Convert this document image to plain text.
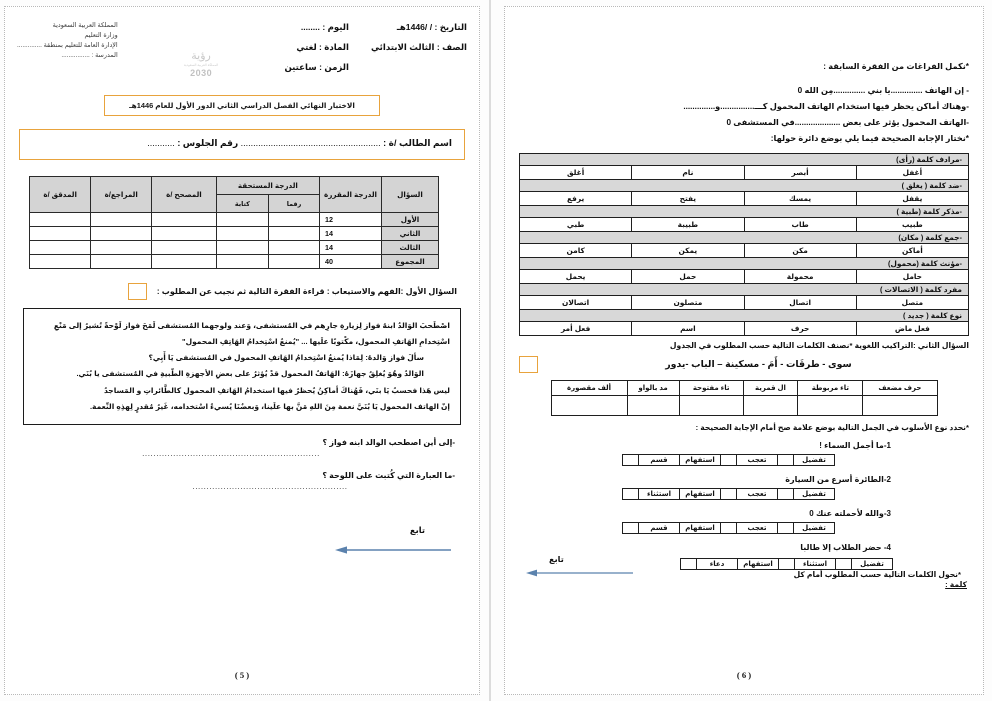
المملكة العربية السعودية
وزارة التعليم
الإدارة العامة للتعليم بمنطقة ..............
المدرسة : ................	رؤية
المملكة العربية السعودية
2030
التاريخ : / /1446هـ
اليوم : ........
الصف : الثالث الابتدائي
المادة : لغتي
الزمن : ساعتين
الاختبار النهائي الفصل الدراسي الثاني الدور الأول للعام 1446هـ
اسم الطالب /ة : ........................................................ رقم الجلوس : ...........
السؤال	الدرجة المقررة	الدرجة المستحقة		المصحح /ة	المراجع/ة	المدقق /ة
		رقما	كتابة			
الأول	12					
الثاني	14					
الثالث	14					
المجموع	40					
السؤال الأول :الفهم والاستيعاب : قراءة الفقرة التالية ثم نجيب عن المطلوب :

اصْطَحبَ الوَالدُ ابنهُ فواز لِزيارةِ جارِهم في المُستشفى، وَعند ولوجهما المُستشفى لَمَحَ فواز لَوْحةً تُشيرُ إلى مَنْعِ

اسْتِخدامِ الهَاتفِ المحمول، مكْتوبًا علَيها ... "يُمنعُ اسْتِخدامُ الهَاتِفِ المحمول"

سألَ فواز وَالدهُ: لِمَاذا يُمنعُ اسْتِخدامُ الهَاتفِ المحمول في المُستشفى يَا أَبِي؟

الوَالدُ وهُوَ يُغلِقُ جهازَهُ: الهَاتفُ المحمول قدْ يُؤثرُ على بعضِ الأجهزةِ الطّبيةِ في المُستشفى يا بُنَي.

ليس هَذا فحسبُ يَا بنَي، فَهُناكَ أماكِنُ يُحظرُ فيها استخدامُ الهَاتفِ المحمول كالطَّائراتِ و المَساجدُ

إنّ الهاتف المحمول يَا بُنَيَّ نعمة مِنَ اللهِ مَنَّ بها علَينا، وَبعضُنَا يُسيءُ اسْتخدامه، غَيرُ مُقدرٍ لِهذِهِ النِّعمة.

-إلى أين اصطحب الوالد ابنه فواز ؟
...............................................................
-ما العبارة التي كُتبت على اللوحة ؟
.......................................................
تابع
( 5 )
*نكمل الفراغات من الفقرة السابقة :
- إن الهاتف ..............يا بني ..............مِن الله 0
-وهناك أماكن يحظر فيها استخدام الهاتف المحمول كـــ...............و..............
-الهاتف المحمول يؤثر على بعض ....................في المستشفى 0
*نختار الإجابة الصحيحة فيما يلي بوضع دائرة حولها:
-مرادف كلمة (رأى)			
أغفل	أبصر	نام	أغلق
-ضد كلمة ( يغلق )			
يقفل	يمسك	يفتح	يرفع
-مذكر كلمة (طبية )			
طبيب	طاب	طبيبة	طبي
-جمع كلمة ( مكان)			
أماكن	مكن	يمكن	كامن
-مؤنث كلمة (محمول)			
حامل	محمولة	حمل	يحمل
مفرد كلمة ( الاتصالات )			
متصل	اتصال	متصلون	اتصالان
نوع كلمة ( جديد )			
فعل ماض	حرف	اسم	فعل أمر
السؤال الثاني :التراكيب اللغوية *نصنف الكلمات التالية حسب المطلوب في الجدول
سوى - طرقَات - أَمَ - مسكينة – الباب -يدور
حرف مضعف	تاء مربوطة	ال قمرية	تاء مفتوحة	مد بالواو	ألف مقصورة

*نحدد نوع الأسلوب في الجمل التالية بوضع علامة صح أمام الإجابة الصحيحة :
1-ما أجمل السماء !
تفضيل
تعجب
استفهام
قسم
2-الطائرة أسرع من السيارة
تفضيل
تعجب
استفهام
استثناء
3-والله لأحملته عنك 0
تفضيل
تعجب
استفهام
قسم
4- حضر الطلاب إلا طالبا
تفضيل
استثناء
استفهام
دعاء
*نحول الكلمات التالية حسب المطلوب أمام كل
كلمة :
تابع
( 6 )
